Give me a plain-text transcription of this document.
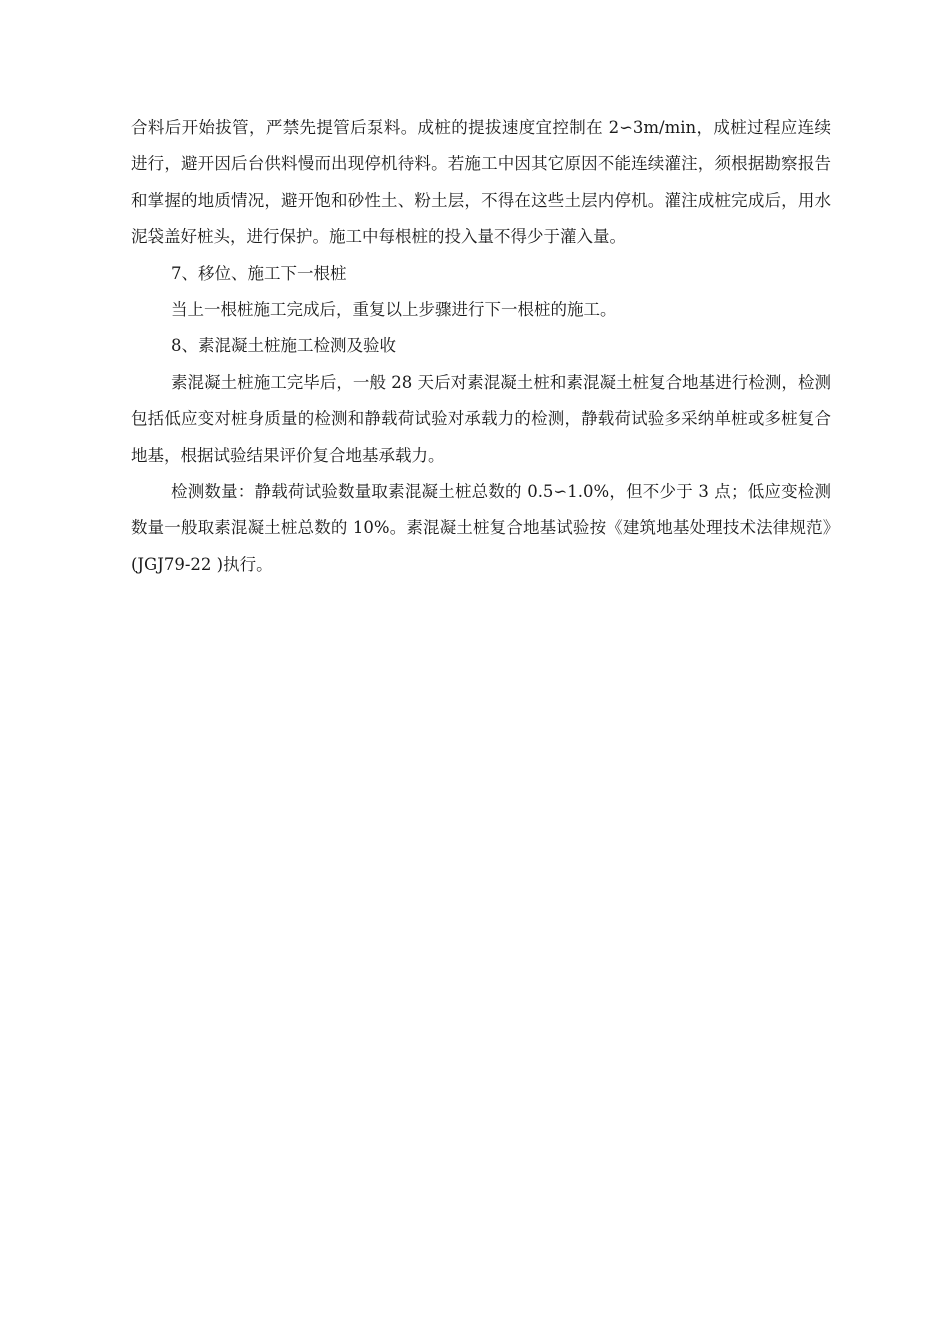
合料后开始拔管，严禁先提管后泵料。成桩的提拔速度宜控制在 2∽3m/min，成桩过程应连续进行，避开因后台供料慢而出现停机待料。若施工中因其它原因不能连续灌注，须根据勘察报告和掌握的地质情况，避开饱和砂性土、粉土层，不得在这些土层内停机。灌注成桩完成后，用水泥袋盖好桩头，进行保护。施工中每根桩的投入量不得少于灌入量。

7、移位、施工下一根桩

当上一根桩施工完成后，重复以上步骤进行下一根桩的施工。

8、素混凝土桩施工检测及验收

素混凝土桩施工完毕后，一般 28 天后对素混凝土桩和素混凝土桩复合地基进行检测，检测包括低应变对桩身质量的检测和静载荷试验对承载力的检测，静载荷试验多采纳单桩或多桩复合地基，根据试验结果评价复合地基承载力。

检测数量：静载荷试验数量取素混凝土桩总数的 0.5∽1.0%，但不少于 3 点；低应变检测数量一般取素混凝土桩总数的 10%。素混凝土桩复合地基试验按《建筑地基处理技术法律规范》(JGJ79-22 )执行。
